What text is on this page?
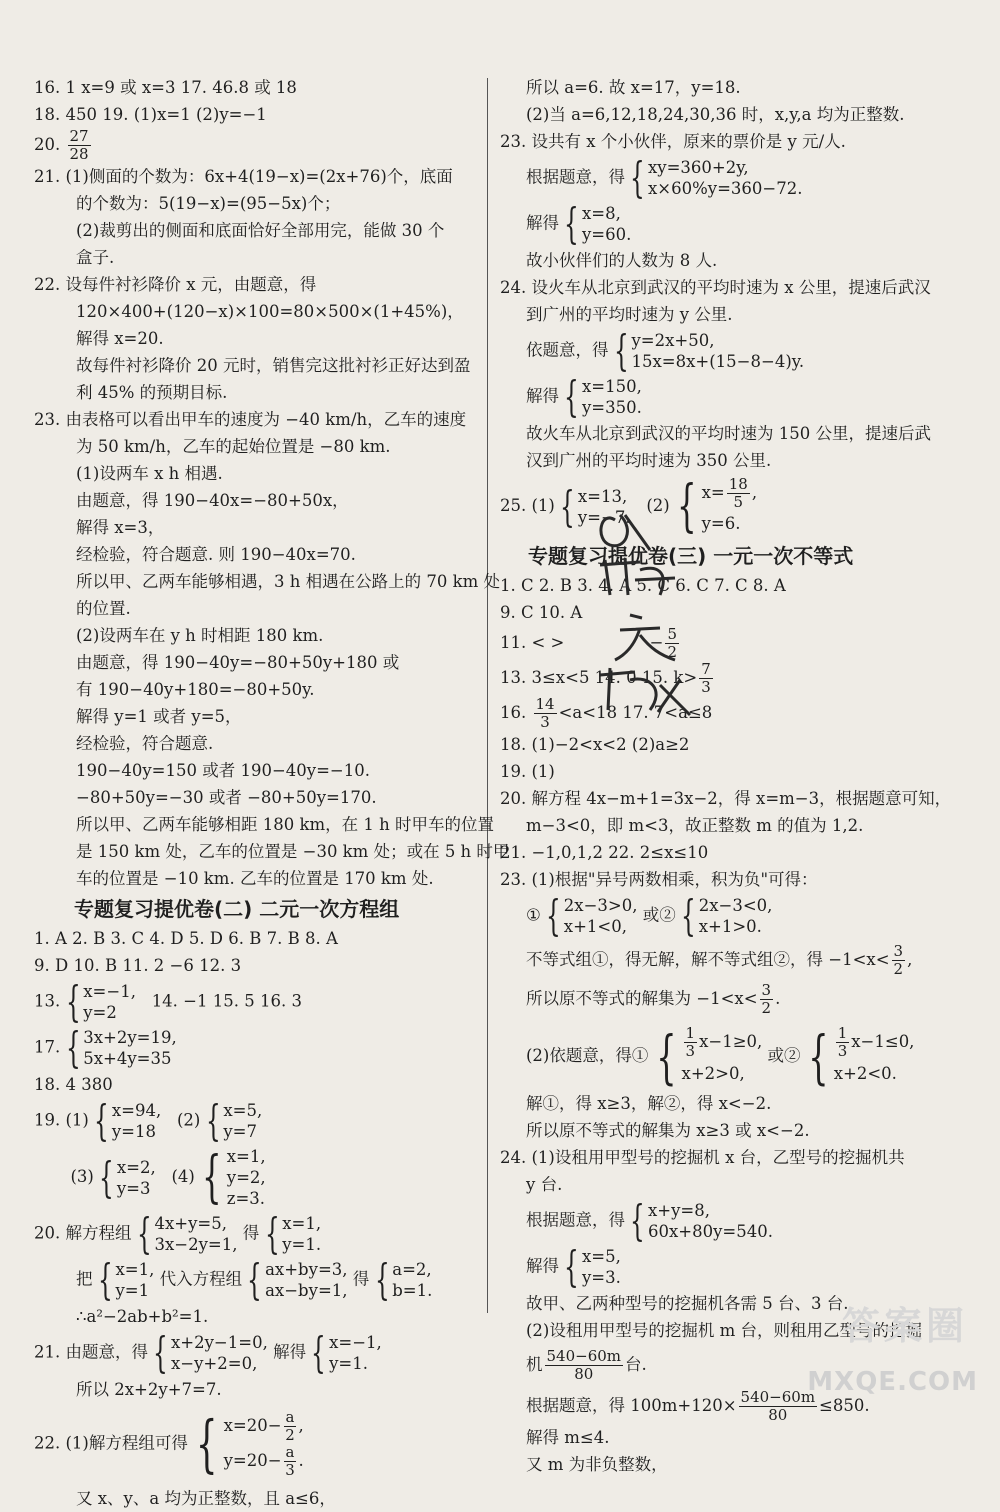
16. 1 x=9 或 x=3 17. 46.8 或 18
18. 450 19. (1)x=1 (2)y=−1
20. $\frac{27}{28}$
21. (1)侧面的个数为：6x+4(19−x)=(2x+76)个，底面
的个数为：5(19−x)=(95−5x)个；
(2)裁剪出的侧面和底面恰好全部用完，能做 30 个
盒子.
22. 设每件衬衫降价 x 元，由题意，得
120×400+(120−x)×100=80×500×(1+45%)，
解得 x=20.
故每件衬衫降价 20 元时，销售完这批衬衫正好达到盈
利 45% 的预期目标.
23. 由表格可以看出甲车的速度为 −40 km/h，乙车的速度
为 50 km/h，乙车的起始位置是 −80 km.
(1)设两车 x h 相遇.
由题意，得 190−40x=−80+50x，
解得 x=3，
经检验，符合题意. 则 190−40x=70.
所以甲、乙两车能够相遇，3 h 相遇在公路上的 70 km 处
的位置.
(2)设两车在 y h 时相距 180 km.
由题意，得 190−40y=−80+50y+180 或
有 190−40y+180=−80+50y.
解得 y=1 或者 y=5，
经检验，符合题意.
190−40y=150 或者 190−40y=−10.
−80+50y=−30 或者 −80+50y=170.
所以甲、乙两车能够相距 180 km，在 1 h 时甲车的位置
是 150 km 处，乙车的位置是 −30 km 处；或在 5 h 时甲
车的位置是 −10 km. 乙车的位置是 170 km 处.
专题复习提优卷(二) 二元一次方程组
1. A 2. B 3. C 4. D 5. D 6. B 7. B 8. A
9. D 10. B 11. 2 −6 12. 3
13. { x=−1,
y=2
14. −1 15. 5 16. 3
17. { 3x+2y=19,
5x+4y=35
18. 4 380
19. (1) { x=94,
y=18
(2) { x=5,
y=7
(3) { x=2,
y=3
(4) { x=1,
y=2,
z=3.
20. 解方程组 { 4x+y=5,
3x−2y=1,
得 { x=1,
y=1.
把 { x=1,
y=1
代入方程组 { ax+by=3,
ax−by=1,
得 { a=2,
b=1.
∴a²−2ab+b²=1.
21. 由题意，得 { x+2y−1=0,
x−y+2=0,
解得 { x=−1,
y=1.
所以 2x+2y+7=7.
22. (1)解方程组可得 { $x=20- \frac{a}{2}$ ,
$y=20- \frac{a}{3}$ .
又 x、y、a 均为正整数，且 a≤6，
所以 a=6. 故 x=17，y=18.
(2)当 a=6,12,18,24,30,36 时，x,y,a 均为正整数.
23. 设共有 x 个小伙伴，原来的票价是 y 元/人.
根据题意，得 { xy=360+2y,
x×60%y=360−72.
解得 { x=8,
y=60.
故小伙伴们的人数为 8 人.
24. 设火车从北京到武汉的平均时速为 x 公里，提速后武汉
到广州的平均时速为 y 公里.
依题意，得 { y=2x+50,
15x=8x+(15−8−4)y.
解得 { x=150,
y=350.
故火车从北京到武汉的平均时速为 150 公里，提速后武
汉到广州的平均时速为 350 公里.
25. (1) { x=13,
y=−7.
(2) { $x= \frac{18}{5}$ ,
y=6.
专题复习提优卷(三) 一元一次不等式
1. C 2. B 3. 4. A 5. C 6. C 7. C 8. A
9. C 10. A
11. < >	− $\frac{5}{2}$
13. 3≤x<5 14. 0 15. $k> \frac{7}{3}$
16. $\frac{14}{3} <a<18$ 17. 7<a≤8
18. (1)−2<x<2 (2)a≥2
19. (1)
20. 解方程 4x−m+1=3x−2，得 x=m−3，根据题意可知，
m−3<0，即 m<3，故正整数 m 的值为 1,2.
21. −1,0,1,2 22. 2≤x≤10
23. (1)根据"异号两数相乘，积为负"可得：
① { 2x−3>0,
x+1<0,
或② { 2x−3<0,
x+1>0.
不等式组①，得无解，解不等式组②，得 $-1<x< \frac{3}{2}$ ,
所以原不等式的解集为 $-1<x< \frac{3}{2}$ .
(2)依题意，得① { $\frac{1}{3} x-1\ge 0$,
x+2>0,
或② { $\frac{1}{3} x-1\le 0$,
x+2<0.
解①，得 x≥3，解②，得 x<−2.
所以原不等式的解集为 x≥3 或 x<−2.
24. (1)设租用甲型号的挖掘机 x 台，乙型号的挖掘机共
y 台.
根据题意，得 { x+y=8,
60x+80y=540.
解得 { x=5,
y=3.
故甲、乙两种型号的挖掘机各需 5 台、3 台.
(2)设租用甲型号的挖掘机 m 台，则租用乙型号的挖掘
机 $\frac{540-60m}{80}$ 台.
根据题意，得 $100m+120\times \frac{540-60m}{80} \le 850$.
解得 m≤4.
又 m 为非负整数，
答案圈
MXQE.COM
